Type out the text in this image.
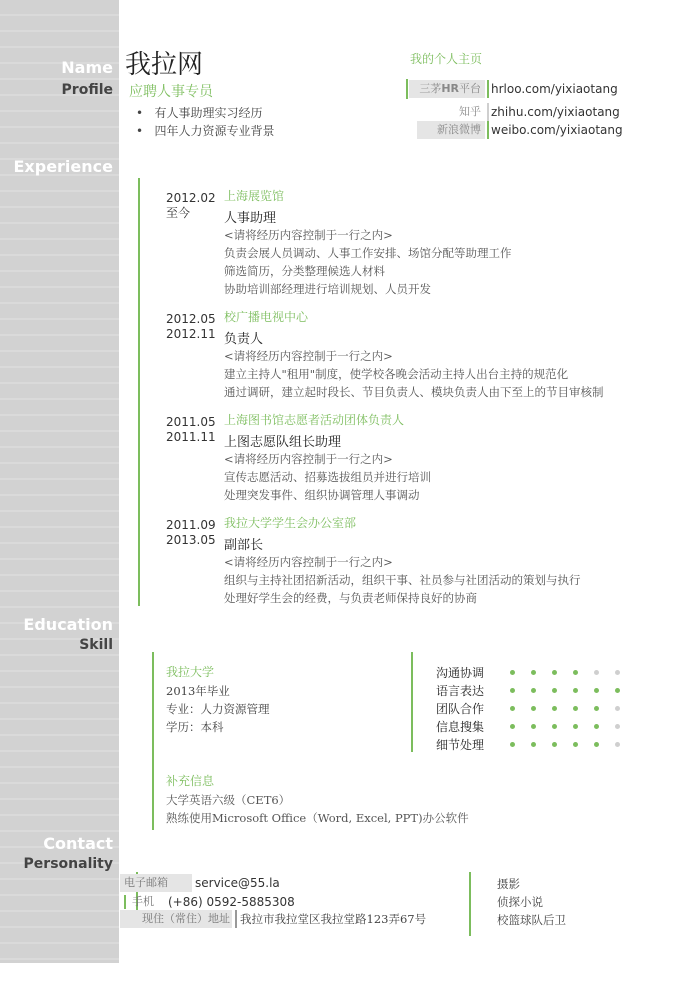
Name
Profile
Experience
Education
Skill
Contact
Personality
我拉网
应聘人事专员
•   有人事助理实习经历
•   四年人力资源专业背景
我的个人主页
三茅HR平台 hrloo.com/yixiaotang
知乎 zhihu.com/yixiaotang
新浪微博 weibo.com/yixiaotang
2012.02
至今
上海展览馆
人事助理
<请将经历内容控制于一行之内>
负责会展人员调动、人事工作安排、场馆分配等助理工作
筛选简历，分类整理候选人材料
协助培训部经理进行培训规划、人员开发
2012.05
2012.11
校广播电视中心
负责人
<请将经历内容控制于一行之内>
建立主持人"租用"制度，使学校各晚会活动主持人出台主持的规范化
通过调研，建立起时段长、节目负责人、模块负责人由下至上的节目审核制
2011.05
2011.11
上海图书馆志愿者活动团体负责人
上图志愿队组长助理
<请将经历内容控制于一行之内>
宣传志愿活动、招募选拔组员并进行培训
处理突发事件、组织协调管理人事调动
2011.09
2013.05
我拉大学学生会办公室部
副部长
<请将经历内容控制于一行之内>
组织与主持社团招新活动，组织干事、社员参与社团活动的策划与执行
处理好学生会的经费，与负责老师保持良好的协商
我拉大学
2013年毕业
专业：人力资源管理
学历：本科
补充信息
大学英语六级（CET6）
熟练使用Microsoft Office（Word, Excel, PPT)办公软件
沟通协调
语言表达
团队合作
信息搜集
细节处理
电子邮箱	service@55.la
手机 (+86) 0592-5885308
现住（常住）地址 我拉市我拉堂区我拉堂路123弄67号
摄影
侦探小说
校篮球队后卫
